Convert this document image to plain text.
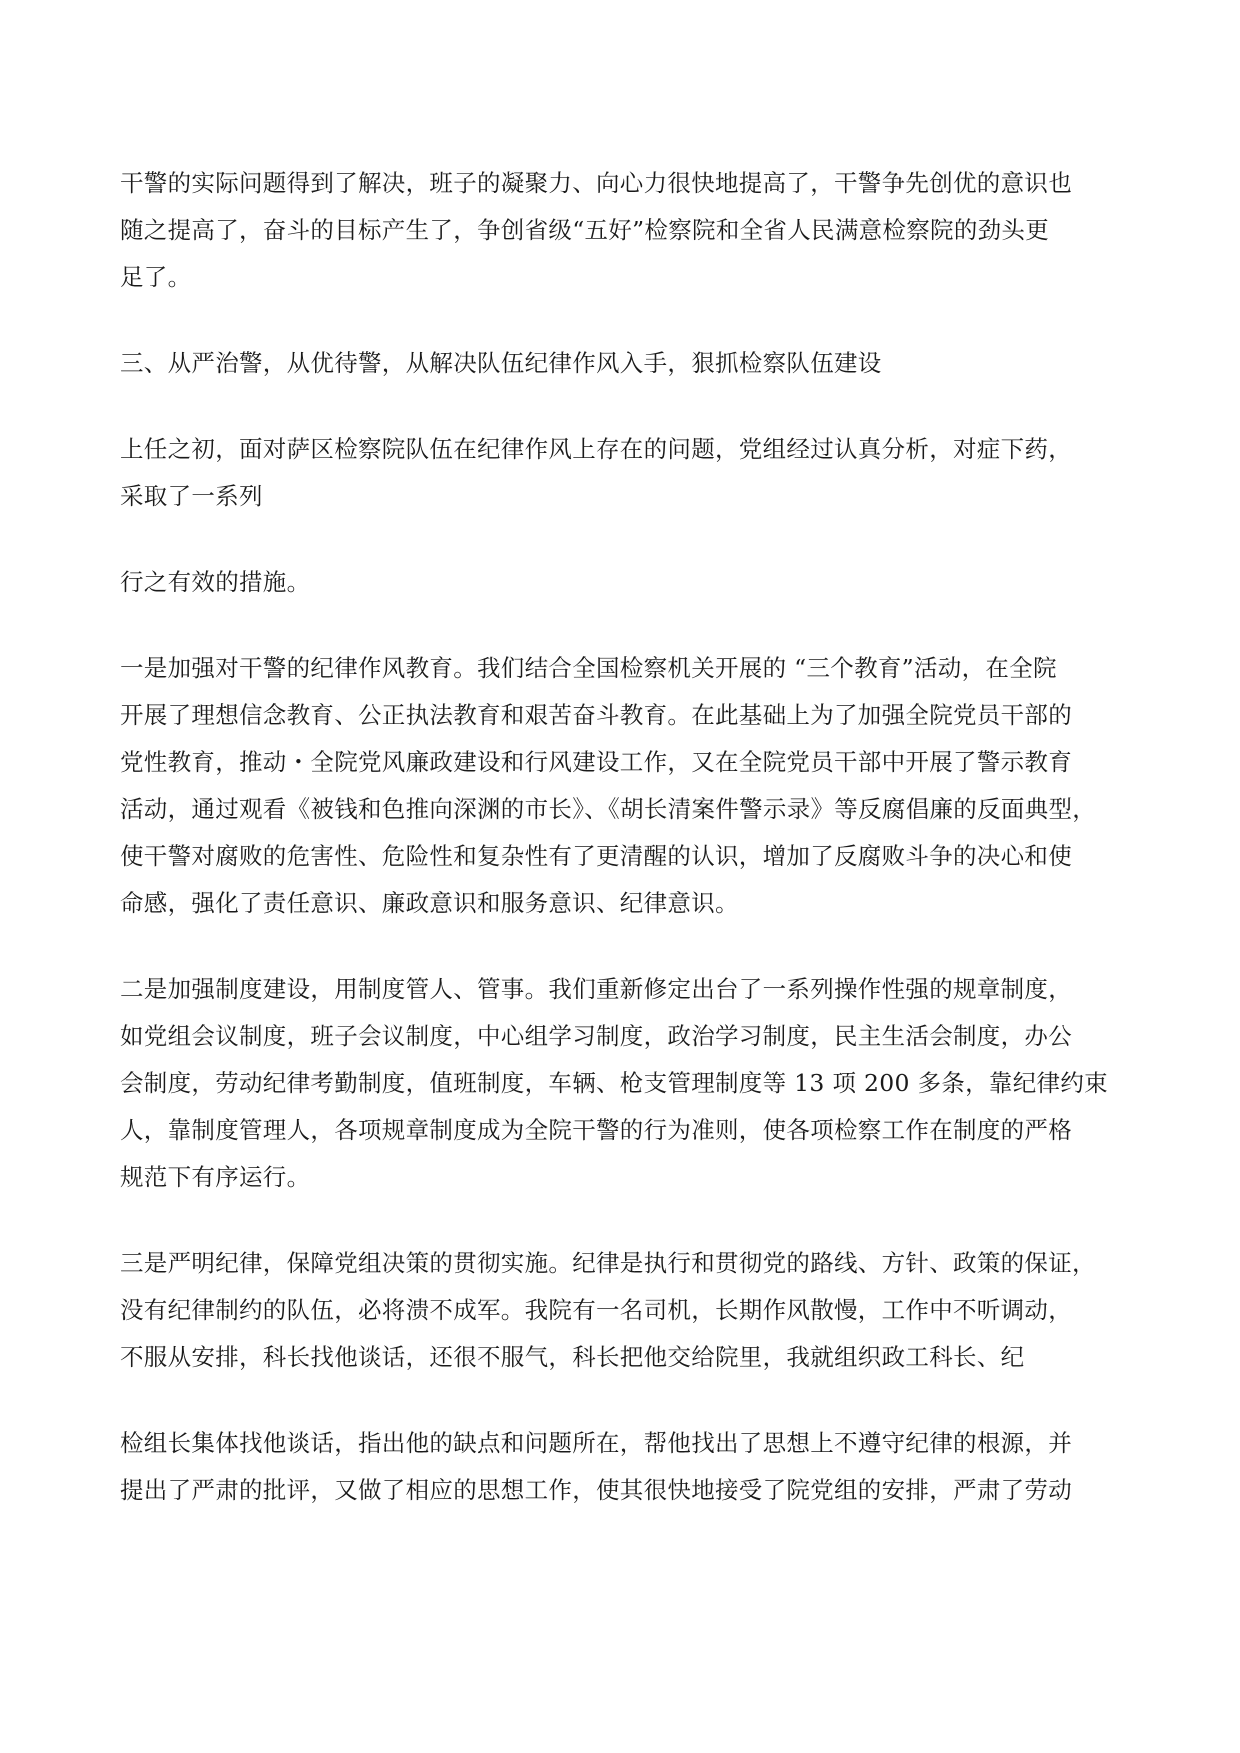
干警的实际问题得到了解决，班子的凝聚力、向心力很快地提高了，干警争先创优的意识也
随之提高了，奋斗的目标产生了，争创省级“五好”检察院和全省人民满意检察院的劲头更
足了。

三、从严治警，从优待警，从解决队伍纪律作风入手，狠抓检察队伍建设

上任之初，面对萨区检察院队伍在纪律作风上存在的问题，党组经过认真分析，对症下药，
采取了一系列

行之有效的措施。

一是加强对干警的纪律作风教育。我们结合全国检察机关开展的 “三个教育”活动，在全院
开展了理想信念教育、公正执法教育和艰苦奋斗教育。在此基础上为了加强全院党员干部的
党性教育，推动・全院党风廉政建设和行风建设工作，又在全院党员干部中开展了警示教育
活动，通过观看《被钱和色推向深渊的市长》、《胡长清案件警示录》等反腐倡廉的反面典型，
使干警对腐败的危害性、危险性和复杂性有了更清醒的认识，增加了反腐败斗争的决心和使
命感，强化了责任意识、廉政意识和服务意识、纪律意识。

二是加强制度建设，用制度管人、管事。我们重新修定出台了一系列操作性强的规章制度，
如党组会议制度，班子会议制度，中心组学习制度，政治学习制度，民主生活会制度，办公
会制度，劳动纪律考勤制度，值班制度，车辆、枪支管理制度等 13 项 200 多条，靠纪律约束
人，靠制度管理人，各项规章制度成为全院干警的行为准则，使各项检察工作在制度的严格
规范下有序运行。

三是严明纪律，保障党组决策的贯彻实施。纪律是执行和贯彻党的路线、方针、政策的保证，
没有纪律制约的队伍，必将溃不成军。我院有一名司机，长期作风散慢，工作中不听调动，
不服从安排，科长找他谈话，还很不服气，科长把他交给院里，我就组织政工科长、纪

检组长集体找他谈话，指出他的缺点和问题所在，帮他找出了思想上不遵守纪律的根源，并
提出了严肃的批评，又做了相应的思想工作，使其很快地接受了院党组的安排，严肃了劳动
